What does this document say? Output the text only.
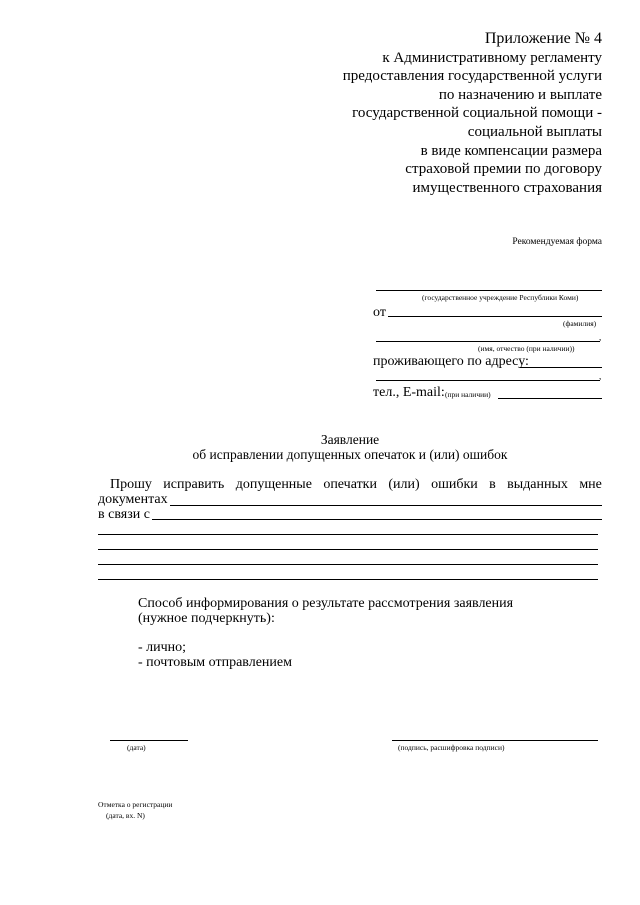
Приложение № 4
к Административному регламенту
предоставления государственной услуги
по назначению и выплате
государственной социальной помощи -
социальной выплаты
в виде компенсации размера
страховой премии по договору
имущественного страхования
Рекомендуемая форма
(государственное учреждение Республики Коми)
от
(фамилия)
,
(имя, отчество (при наличии))
проживающего по адресу:
,
тел., E-mail: (при наличии)
Заявление
об исправлении допущенных опечаток и (или) ошибок
Прошу исправить допущенные опечатки (или) ошибки в выданных мне
документах
в связи с
Способ информирования о результате рассмотрения заявления
(нужное подчеркнуть):
- лично;
- почтовым отправлением
(дата)	(подпись, расшифровка подписи)
Отметка о регистрации
(дата, вх. N)
